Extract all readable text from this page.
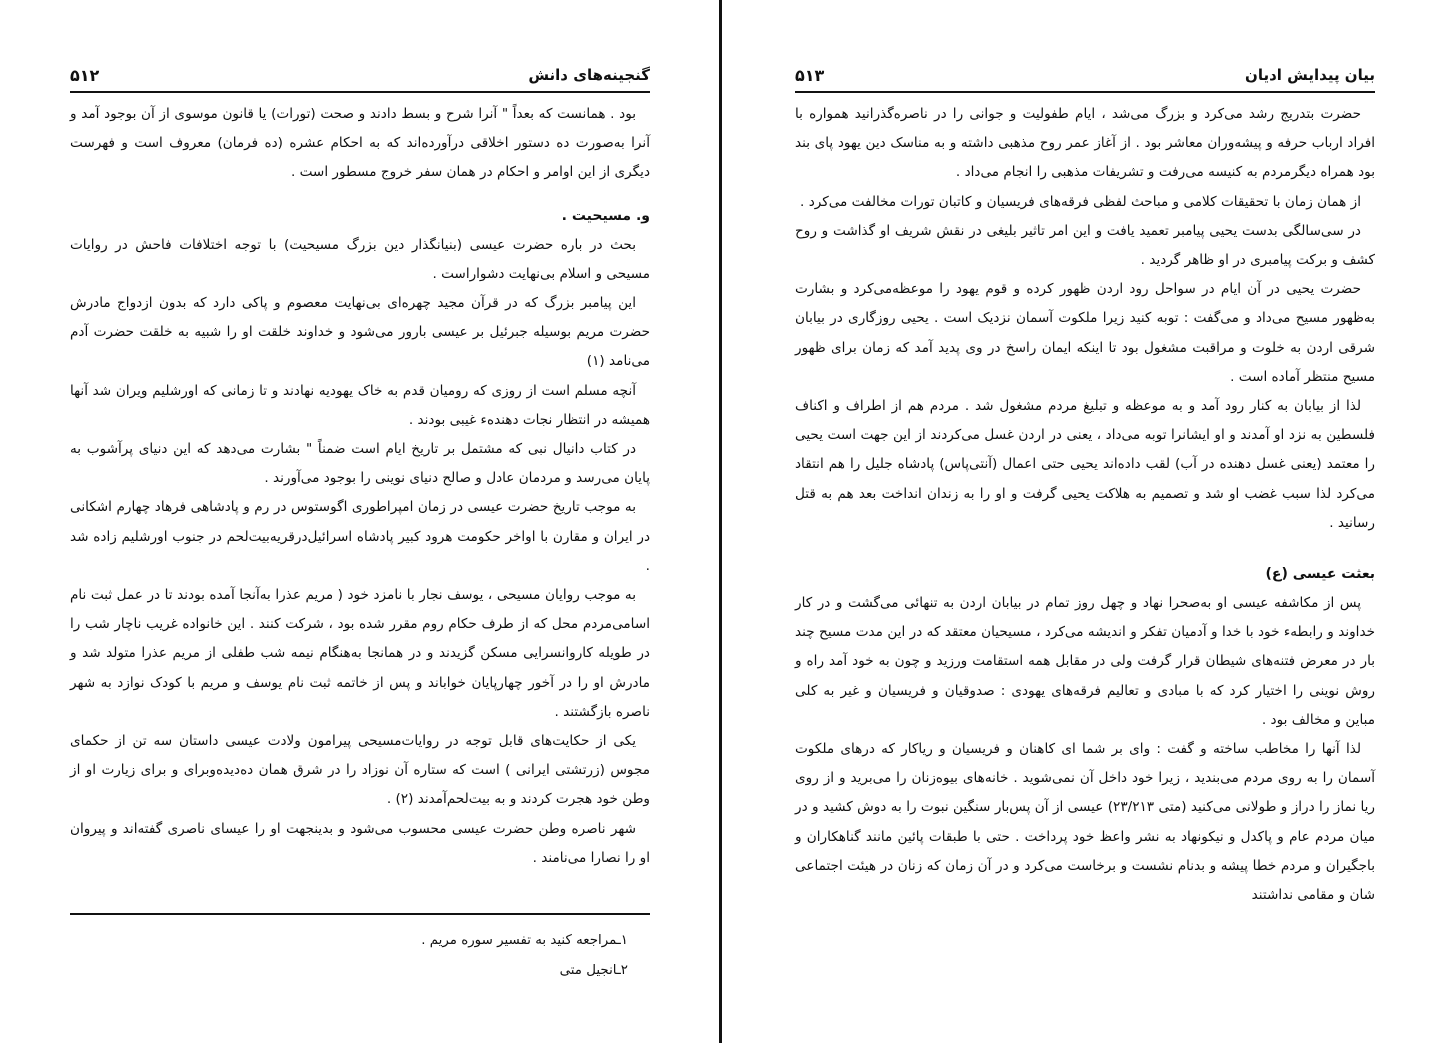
گنجینه‌های دانش
۵۱۲

بود . همانست که بعداً " آنرا شرح و بسط دادند و صحت (تورات) یا قانون موسوی از آن بوجود آمد و آنرا به‌صورت ده دستور اخلاقی درآورده‌اند که به احکام عشره (ده فرمان) معروف است و فهرست دیگری از این اوامر و احکام در همان سفر خروج مسطور است .

و. مسیحیت .

بحث در باره حضرت عیسی (بنیانگذار دین بزرگ مسیحیت) با توجه اختلافات فاحش در روایات مسیحی و اسلام بی‌نهایت دشواراست .

این پیامبر بزرگ که در قرآن مجید چهره‌ای بی‌نهایت معصوم و پاکی دارد که بدون ازدواج مادرش حضرت مریم بوسیله جبرئیل بر عیسی بارور می‌شود و خداوند خلقت او را شبیه به خلقت حضرت آدم می‌نامد (۱)

آنچه مسلم است از روزی که رومیان قدم به خاک یهودیه نهادند و تا زمانی که اورشلیم ویران شد آنها همیشه در انتظار نجات دهنده‌ء غیبی بودند .

در کتاب دانیال نبی که مشتمل بر تاریخ ایام است ضمناً " بشارت می‌دهد که این دنیای پرآشوب به پایان می‌رسد و مردمان عادل و صالح دنیای نوینی را بوجود می‌آورند .

به موجب تاریخ حضرت عیسی در زمان امپراطوری اگوستوس در رم و پادشاهی فرهاد چهارم اشکانی در ایران و مقارن با اواخر حکومت هرود کبیر پادشاه اسرائیل‌درقریه‌بیت‌لحم در جنوب اورشلیم زاده شد .

به موجب روایان مسیحی ، یوسف نجار با نامزد خود ( مریم عذرا به‌آنجا آمده بودند تا در عمل ثبت نام اسامی‌مردم محل که از طرف حکام روم مقرر شده بود ، شرکت کنند . این خانواده غریب ناچار شب را در طویله کاروانسرایی مسکن گزیدند و در همانجا به‌هنگام نیمه شب طفلی از مریم عذرا متولد شد و مادرش او را در آخور چهارپایان خواباند و پس از خاتمه ثبت نام یوسف و مریم با کودک نوازد به شهر ناصره بازگشتند .

یکی از حکایت‌های قابل توجه در روایات‌مسیحی پیرامون ولادت عیسی داستان سه تن از حکمای مجوس (زرتشتی ایرانی ) است که ستاره آن نوزاد را در شرق همان ده‌دیده‌وبرای و برای زیارت او از وطن خود هجرت کردند و به بیت‌لحم‌آمدند (۲) .

شهر ناصره وطن حضرت عیسی محسوب می‌شود و بدینجهت او را عیسای ناصری گفته‌اند و پیروان او را نصارا می‌نامند .

۱ـمراجعه کنید به تفسیر سوره مریم .

۲ـانجیل متی

بیان پیدایش ادیان
۵۱۳

حضرت بتدریج رشد می‌کرد و بزرگ می‌شد ، ایام طفولیت و جوانی را در ناصره‌گذرانید همواره با افراد ارباب حرفه و پیشه‌وران معاشر بود . از آغاز عمر روح مذهبی داشته و به مناسک دین یهود پای بند بود همراه دیگرمردم به کنیسه می‌رفت و تشریفات مذهبی را انجام می‌داد .

از همان زمان با تحقیقات کلامی و مباحث لفظی فرقه‌های فریسیان و کاتبان تورات مخالفت می‌کرد .

در سی‌سالگی بدست یحیی پیامبر تعمید یافت و این امر تاثیر بلیغی در نقش شریف او گذاشت و روح کشف و برکت پیامبری در او ظاهر گردید .

حضرت یحیی در آن ایام در سواحل رود اردن ظهور کرده و قوم یهود را موعظه‌می‌کرد و بشارت به‌ظهور مسیح می‌داد و می‌گفت : توبه کنید زیرا ملکوت آسمان نزدیک است . یحیی روزگاری در بیابان شرقی اردن به خلوت و مراقبت مشغول بود تا اینکه ایمان راسخ در وی پدید آمد که زمان برای ظهور مسیح منتظر آماده است .

لذا از بیابان به کنار رود آمد و به موعظه و تبلیغ مردم مشغول شد . مردم هم از اطراف و اکناف فلسطین به نزد او آمدند و او ایشانرا توبه می‌داد ، یعنی در اردن غسل می‌کردند از این جهت است یحیی را معتمد (یعنی غسل دهنده در آب) لقب داده‌اند یحیی حتی اعمال (آنتی‌پاس) پادشاه جلیل را هم انتقاد می‌کرد لذا سبب غضب او شد و تصمیم به هلاکت یحیی گرفت و او را به زندان انداخت بعد هم به قتل رسانید .

بعثت عیسی (ع)

پس از مکاشفه عیسی او به‌صحرا نهاد و چهل روز تمام در بیابان اردن به تنهائی می‌گشت و در کار خداوند و رابطه‌ء خود با خدا و آدمیان تفکر و اندیشه می‌کرد ، مسیحیان معتقد که در این مدت مسیح چند بار در معرض فتنه‌های شیطان قرار گرفت ولی در مقابل همه استقامت ورزید و چون به خود آمد راه و روش نوینی را اختیار کرد که با مبادی و تعالیم فرقه‌های یهودی : صدوقیان و فریسیان و غیر به کلی مباین و مخالف بود .

لذا آنها را مخاطب ساخته و گفت : وای بر شما ای کاهنان و فریسیان و ریاکار که درهای ملکوت آسمان را به روی مردم می‌بندید ، زیرا خود داخل آن نمی‌شوید . خانه‌های بیوه‌زنان را می‌برید و از روی ریا نماز را دراز و طولانی می‌کنید (متی ۲۳/۲۱۳) عیسی از آن پس‌بار سنگین نبوت را به دوش کشید و در میان مردم عام و پاکدل و نیکونهاد به نشر واعظ خود پرداخت . حتی با طبقات پائین مانند گناهکاران و باجگیران و مردم خطا پیشه و بدنام نشست و برخاست می‌کرد و در آن زمان که زنان در هیئت اجتماعی شان و مقامی نداشتند
